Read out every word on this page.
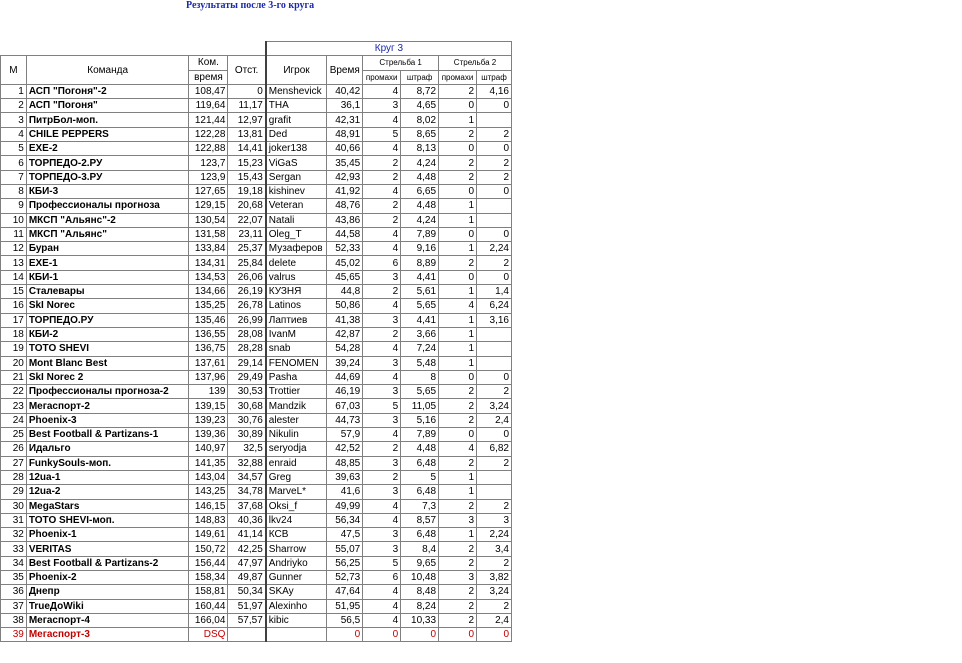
Результаты после 3-го круга
				Круг 3					
М	Команда	Ком.	Отст.	Игрок	Время	Стрельба 1		Стрельба 2	
		время				промахи	штраф	промахи	штраф
1	АСП "Погоня"-2	108,47	0	Menshevick	40,42	4	8,72	2	4,16
2	АСП "Погоня"	119,64	11,17	THA	36,1	3	4,65	0	0
3	ПитрБол-моп.	121,44	12,97	grafit	42,31	4	8,02	1	
4	CHILE PEPPERS	122,28	13,81	Ded	48,91	5	8,65	2	2
5	EXE-2	122,88	14,41	joker138	40,66	4	8,13	0	0
6	ТОРПЕДО-2.РУ	123,7	15,23	ViGaS	35,45	2	4,24	2	2
7	ТОРПЕДО-3.РУ	123,9	15,43	Sergan	42,93	2	4,48	2	2
8	КБИ-3	127,65	19,18	kishinev	41,92	4	6,65	0	0
9	Профессионалы прогноза	129,15	20,68	Veteran	48,76	2	4,48	1	
10	МКСП "Альянс"-2	130,54	22,07	Natali	43,86	2	4,24	1	
11	МКСП "Альянс"	131,58	23,11	Oleg_T	44,58	4	7,89	0	0
12	Буран	133,84	25,37	Музаферов	52,33	4	9,16	1	2,24
13	EXE-1	134,31	25,84	delete	45,02	6	8,89	2	2
14	КБИ-1	134,53	26,06	valrus	45,65	3	4,41	0	0
15	Сталевары	134,66	26,19	КУЗНЯ	44,8	2	5,61	1	1,4
16	SkI Norec	135,25	26,78	Latinos	50,86	4	5,65	4	6,24
17	ТОРПЕДО.РУ	135,46	26,99	Лаптиев	41,38	3	4,41	1	3,16
18	КБИ-2	136,55	28,08	IvanM	42,87	2	3,66	1	
19	TOTO SHEVI	136,75	28,28	snab	54,28	4	7,24	1	
20	Mont Blanc Best	137,61	29,14	FENOMEN	39,24	3	5,48	1	
21	SkI Norec 2	137,96	29,49	Pasha	44,69	4	8	0	0
22	Профессионалы прогноза-2	139	30,53	Trottier	46,19	3	5,65	2	2
23	Мегаспорт-2	139,15	30,68	Mandzik	67,03	5	11,05	2	3,24
24	Phoenix-3	139,23	30,76	alester	44,73	3	5,16	2	2,4
25	Best Football & Partizans-1	139,36	30,89	Nikulin	57,9	4	7,89	0	0
26	Идальго	140,97	32,5	seryodja	42,52	2	4,48	4	6,82
27	FunkySouls-моп.	141,35	32,88	enraid	48,85	3	6,48	2	2
28	12ua-1	143,04	34,57	Greg	39,63	2	5	1	
29	12ua-2	143,25	34,78	MarveL*	41,6	3	6,48	1	
30	MegaStars	146,15	37,68	Oksi_f	49,99	4	7,3	2	2
31	TOTO SHEVI-моп.	148,83	40,36	lkv24	56,34	4	8,57	3	3
32	Phoenix-1	149,61	41,14	КСВ	47,5	3	6,48	1	2,24
33	VERITAS	150,72	42,25	Sharrow	55,07	3	8,4	2	3,4
34	Best Football & Partizans-2	156,44	47,97	Andriyko	56,25	5	9,65	2	2
35	Phoenix-2	158,34	49,87	Gunner	52,73	6	10,48	3	3,82
36	Днепр	158,81	50,34	SKAy	47,64	4	8,48	2	3,24
37	TrueДоWiki	160,44	51,97	Alexinho	51,95	4	8,24	2	2
38	Мегаспорт-4	166,04	57,57	kibic	56,5	4	10,33	2	2,4
39	Мегаспорт-3	DSQ			0	0	0	0	0
